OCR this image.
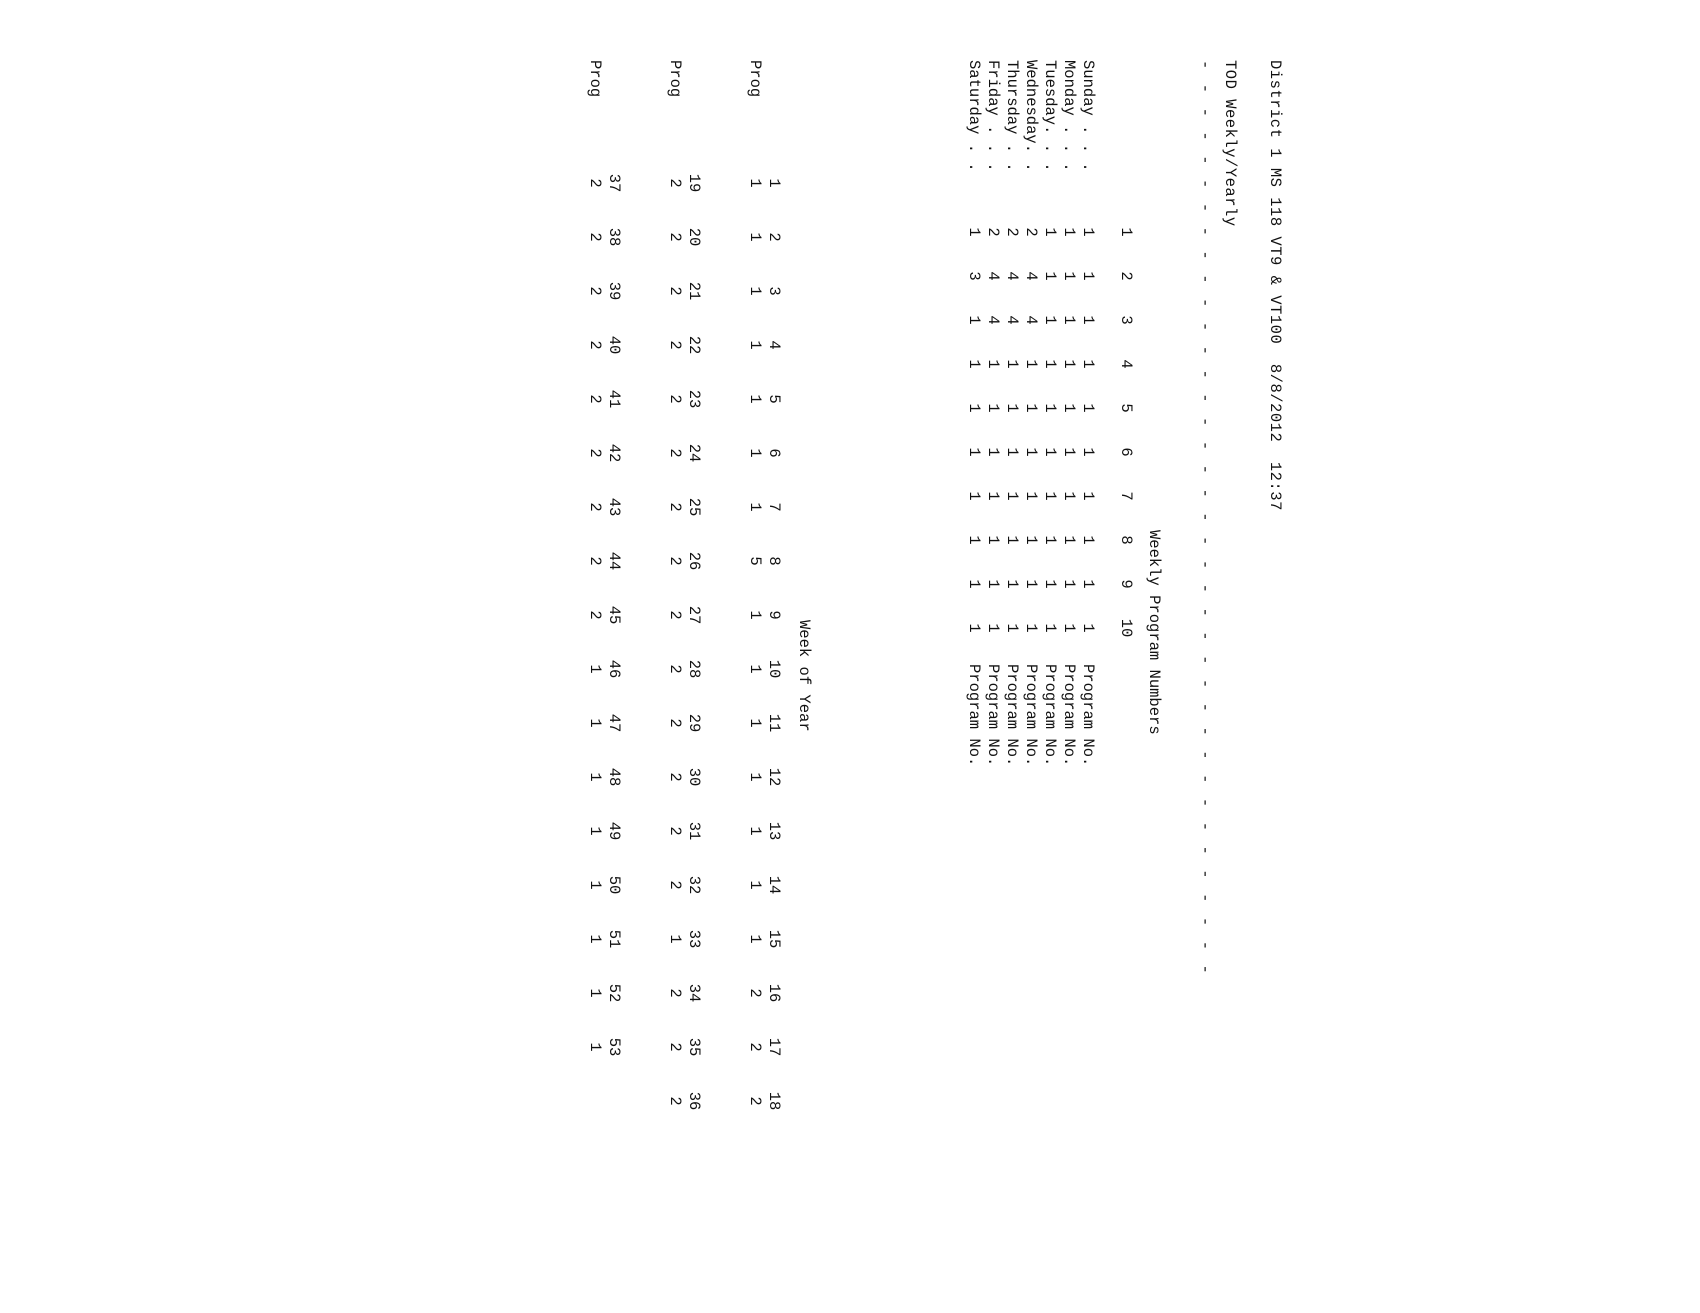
District 1 MS 118 VT9 & VT100  8/8/2012  12:37
TOD Weekly/Yearly
- - - - - - - - - - - - - - - - - - - - - - - - - - - - - - - - - - - - - - -
Weekly Program Numbers
	1	2	3	4	5	6	7	8	9	10	

Sunday . . .	1	1	1	1	1	1	1	1	1	1	Program No.
Monday . . .	1	1	1	1	1	1	1	1	1	1	Program No.
Tuesday. . .	1	1	1	1	1	1	1	1	1	1	Program No.
Wednesday. .	2	4	4	1	1	1	1	1	1	1	Program No.
Thursday . .	2	4	4	1	1	1	1	1	1	1	Program No.
Friday . . .	2	4	4	1	1	1	1	1	1	1	Program No.
Saturday . .	1	3	1	1	1	1	1	1	1	1	Program No.
Week of Year
	1	2	3	4	5	6	7	8	9	10	11	12	13	14	15	16	17	18
Prog	1	1	1	1	1	1	1	5	1	1	1	1	1	1	1	2	2	2
	19	20	21	22	23	24	25	26	27	28	29	30	31	32	33	34	35	36
Prog	2	2	2	2	2	2	2	2	2	2	2	2	2	2	1	2	2	2
	37	38	39	40	41	42	43	44	45	46	47	48	49	50	51	52	53
Prog	2	2	2	2	2	2	2	2	2	1	1	1	1	1	1	1	1
